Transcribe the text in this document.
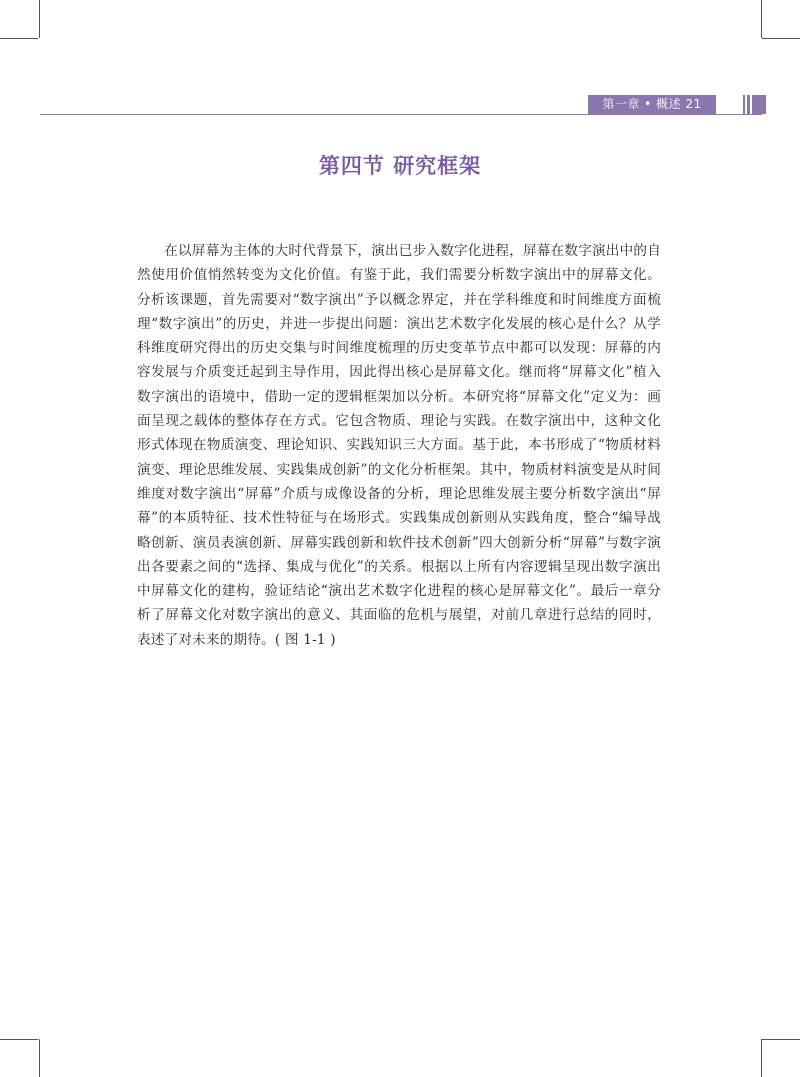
第一章 • 概述 21
第四节 研究框架

在以屏幕为主体的大时代背景下，演出已步入数字化进程，屏幕在数字演出中的自然使用价值悄然转变为文化价值。有鉴于此，我们需要分析数字演出中的屏幕文化。分析该课题，首先需要对“数字演出”予以概念界定，并在学科维度和时间维度方面梳理“数字演出”的历史，并进一步提出问题：演出艺术数字化发展的核心是什么？从学科维度研究得出的历史交集与时间维度梳理的历史变革节点中都可以发现：屏幕的内容发展与介质变迁起到主导作用，因此得出核心是屏幕文化。继而将“屏幕文化”植入数字演出的语境中，借助一定的逻辑框架加以分析。本研究将“屏幕文化”定义为：画面呈现之载体的整体存在方式。它包含物质、理论与实践。在数字演出中，这种文化形式体现在物质演变、理论知识、实践知识三大方面。基于此，本书形成了“物质材料演变、理论思维发展、实践集成创新”的文化分析框架。其中，物质材料演变是从时间维度对数字演出“屏幕”介质与成像设备的分析，理论思维发展主要分析数字演出“屏幕”的本质特征、技术性特征与在场形式。实践集成创新则从实践角度，整合“编导战略创新、演员表演创新、屏幕实践创新和软件技术创新”四大创新分析“屏幕”与数字演出各要素之间的“选择、集成与优化”的关系。根据以上所有内容逻辑呈现出数字演出中屏幕文化的建构，验证结论“演出艺术数字化进程的核心是屏幕文化”。最后一章分析了屏幕文化对数字演出的意义、其面临的危机与展望，对前几章进行总结的同时，表述了对未来的期待。( 图 1-1 )
